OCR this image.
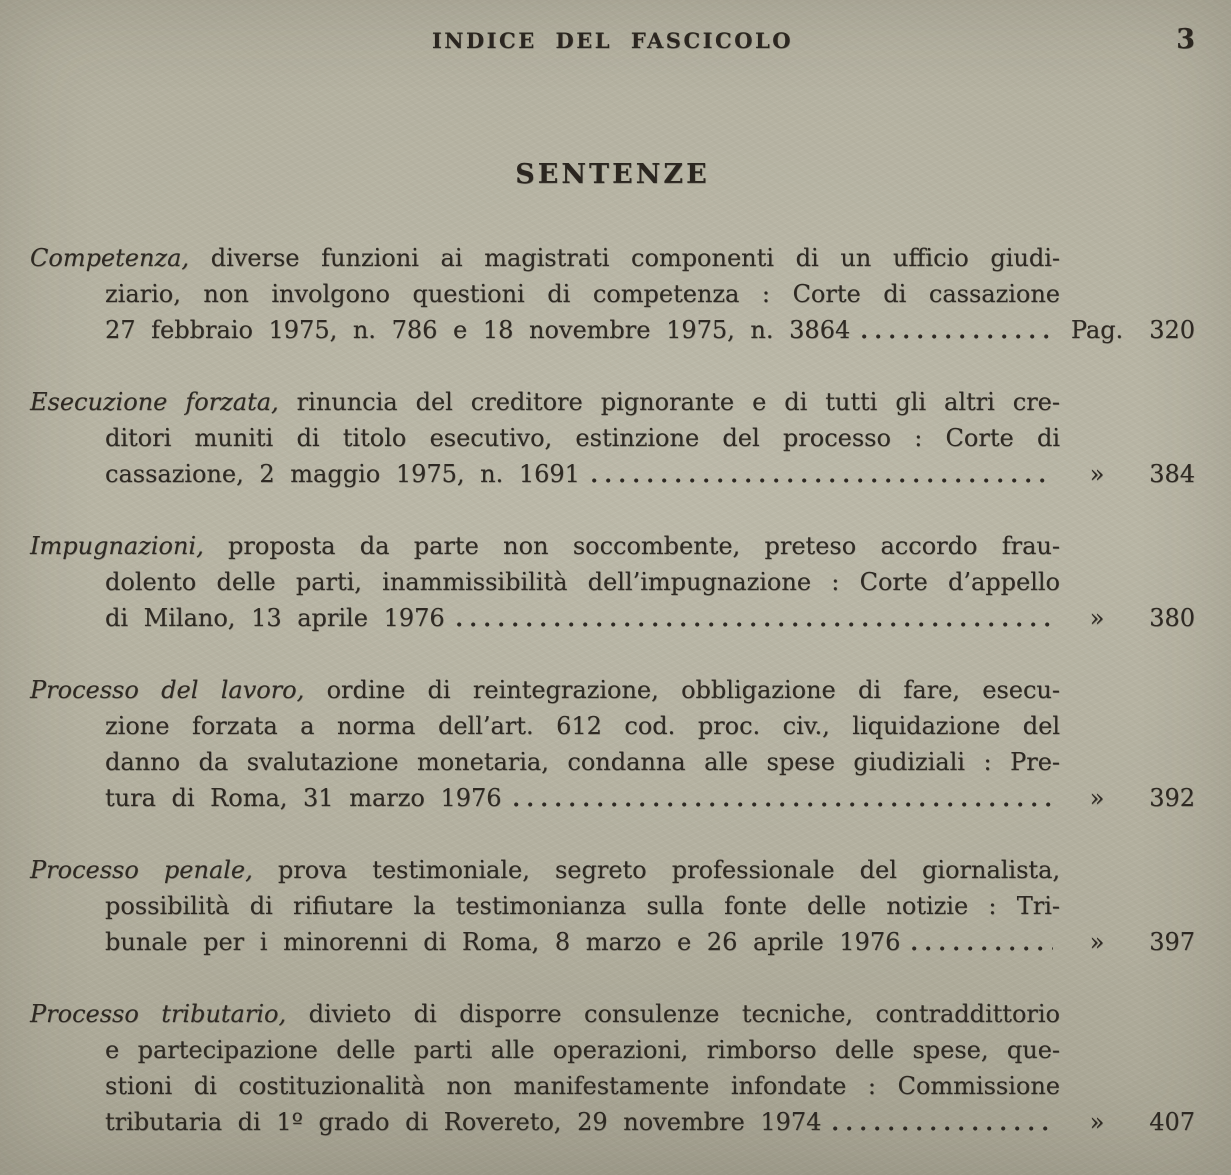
INDICE DEL FASCICOLO	3
SENTENZE
Competenza, diverse funzioni ai magistrati componenti di un ufficio giudi-
ziario, non involgono questioni di competenza : Corte di cassazione
27 febbraio 1975, n. 786 e 18 novembre 1975, n. 3864	Pag.	320
Esecuzione forzata, rinuncia del creditore pignorante e di tutti gli altri cre-
ditori muniti di titolo esecutivo, estinzione del processo : Corte di
cassazione, 2 maggio 1975, n. 1691	»	384
Impugnazioni, proposta da parte non soccombente, preteso accordo frau-
dolento delle parti, inammissibilità dell’impugnazione : Corte d’appello
di Milano, 13 aprile 1976	»	380
Processo del lavoro, ordine di reintegrazione, obbligazione di fare, esecu-
zione forzata a norma dell’art. 612 cod. proc. civ., liquidazione del
danno da svalutazione monetaria, condanna alle spese giudiziali : Pre-
tura di Roma, 31 marzo 1976	»	392
Processo penale, prova testimoniale, segreto professionale del giornalista,
possibilità di rifiutare la testimonianza sulla fonte delle notizie : Tri-
bunale per i minorenni di Roma, 8 marzo e 26 aprile 1976	»	397
Processo tributario, divieto di disporre consulenze tecniche, contraddittorio
e partecipazione delle parti alle operazioni, rimborso delle spese, que-
stioni di costituzionalità non manifestamente infondate : Commissione
tributaria di 1º grado di Rovereto, 29 novembre 1974	»	407
